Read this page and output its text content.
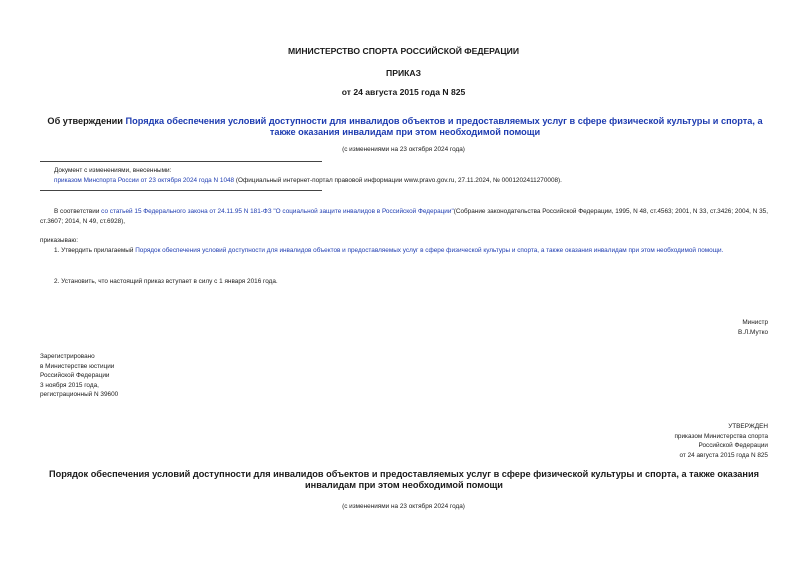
МИНИСТЕРСТВО СПОРТА РОССИЙСКОЙ ФЕДЕРАЦИИ
ПРИКАЗ
от 24 августа 2015 года N 825
Об утверждении Порядка обеспечения условий доступности для инвалидов объектов и предоставляемых услуг в сфере физической культуры и спорта, а также оказания инвалидам при этом необходимой помощи
(с изменениями на 23 октября 2024 года)
Документ с изменениями, внесенными:
приказом Минспорта России от 23 октября 2024 года N 1048 (Официальный интернет-портал правовой информации www.pravo.gov.ru, 27.11.2024, № 0001202411270008).
В соответствии со статьей 15 Федерального закона от 24.11.95 N 181-ФЗ "О социальной защите инвалидов в Российской Федерации"(Собрание законодательства Российской Федерации, 1995, N 48, ст.4563; 2001, N 33, ст.3426; 2004, N 35, ст.3607; 2014, N 49, ст.6928),
приказываю:
1. Утвердить прилагаемый Порядок обеспечения условий доступности для инвалидов объектов и предоставляемых услуг в сфере физической культуры и спорта, а также оказания инвалидам при этом необходимой помощи.
2. Установить, что настоящий приказ вступает в силу с 1 января 2016 года.
Министр
В.Л.Мутко
Зарегистрировано
в Министерстве юстиции
Российской Федерации
3 ноября 2015 года,
регистрационный N 39600
УТВЕРЖДЕН
приказом Министерства спорта
Российской Федерации
от 24 августа 2015 года N 825
Порядок обеспечения условий доступности для инвалидов объектов и предоставляемых услуг в сфере физической культуры и спорта, а также оказания инвалидам при этом необходимой помощи
(с изменениями на 23 октября 2024 года)
